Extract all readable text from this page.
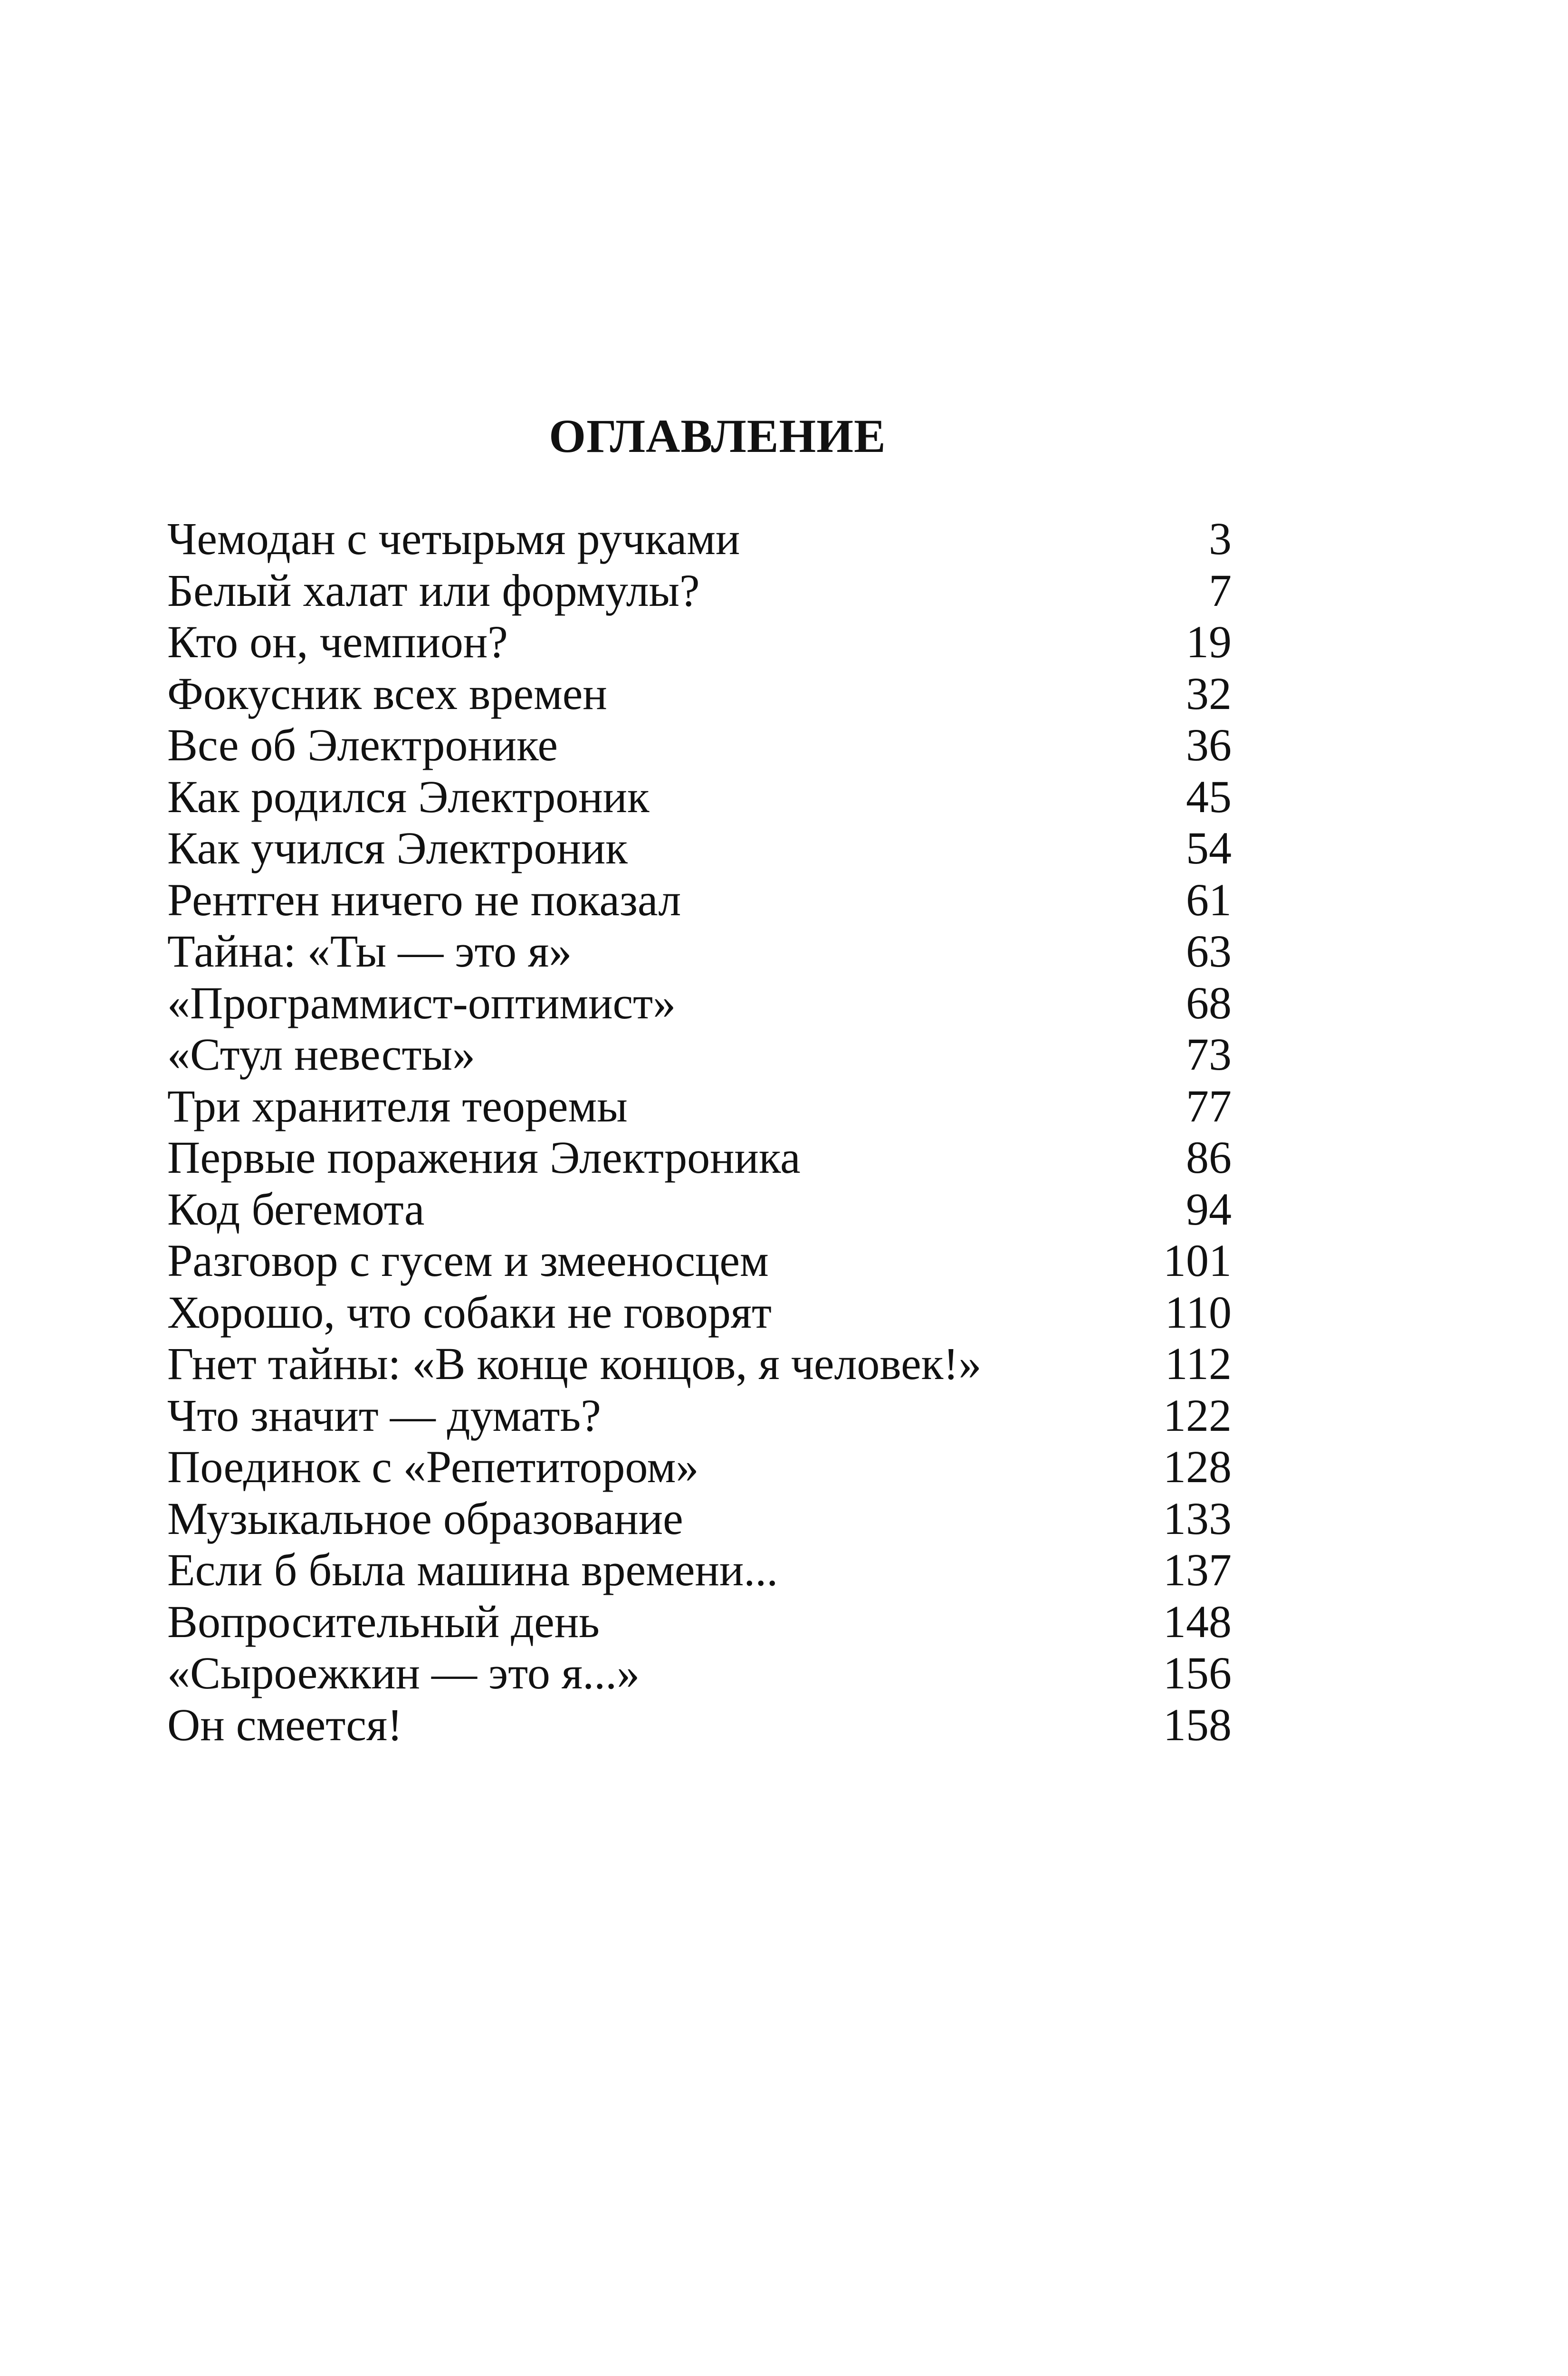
ОГЛАВЛЕНИЕ
Чемодан с четырьмя ручками	3
Белый халат или формулы?	7
Кто он, чемпион?	19
Фокусник всех времен	32
Все об Электронике	36
Как родился Электроник	45
Как учился Электроник	54
Рентген ничего не показал	61
Тайна: «Ты — это я»	63
«Программист-оптимист»	68
«Стул невесты»	73
Три хранителя теоремы	77
Первые поражения Электроника	86
Код бегемота	94
Разговор с гусем и змееносцем	101
Хорошо, что собаки не говорят	110
Гнет тайны: «В конце концов, я человек!»	112
Что значит — думать?	122
Поединок с «Репетитором»	128
Музыкальное образование	133
Если б была машина времени...	137
Вопросительный день	148
«Сыроежкин — это я...»	156
Он смеется!	158
